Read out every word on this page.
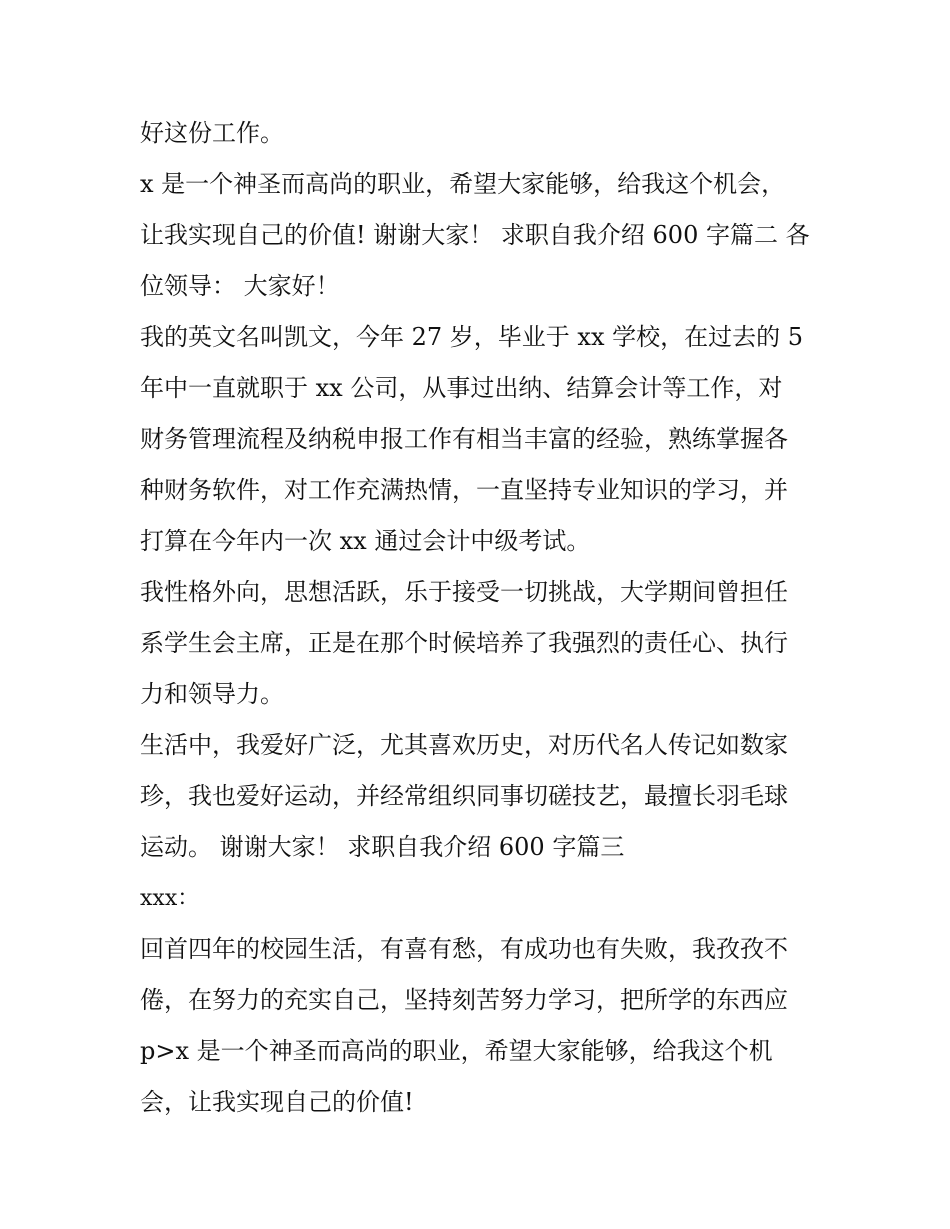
好这份工作。

x 是一个神圣而高尚的职业，希望大家能够，给我这个机会，

让我实现自己的价值! 谢谢大家！ 求职自我介绍 600 字篇二 各

位领导： 大家好！

我的英文名叫凯文，今年 27 岁，毕业于 xx 学校，在过去的 5

年中一直就职于 xx 公司，从事过出纳、结算会计等工作，对

财务管理流程及纳税申报工作有相当丰富的经验，熟练掌握各

种财务软件，对工作充满热情，一直坚持专业知识的学习，并

打算在今年内一次 xx 通过会计中级考试。

我性格外向，思想活跃，乐于接受一切挑战，大学期间曾担任

系学生会主席，正是在那个时候培养了我强烈的责任心、执行

力和领导力。

生活中，我爱好广泛，尤其喜欢历史，对历代名人传记如数家

珍，我也爱好运动，并经常组织同事切磋技艺，最擅长羽毛球

运动。 谢谢大家！ 求职自我介绍 600 字篇三

xxx：

回首四年的校园生活，有喜有愁，有成功也有失败，我孜孜不

倦，在努力的充实自己，坚持刻苦努力学习，把所学的东西应

p>x 是一个神圣而高尚的职业，希望大家能够，给我这个机

会，让我实现自己的价值!
